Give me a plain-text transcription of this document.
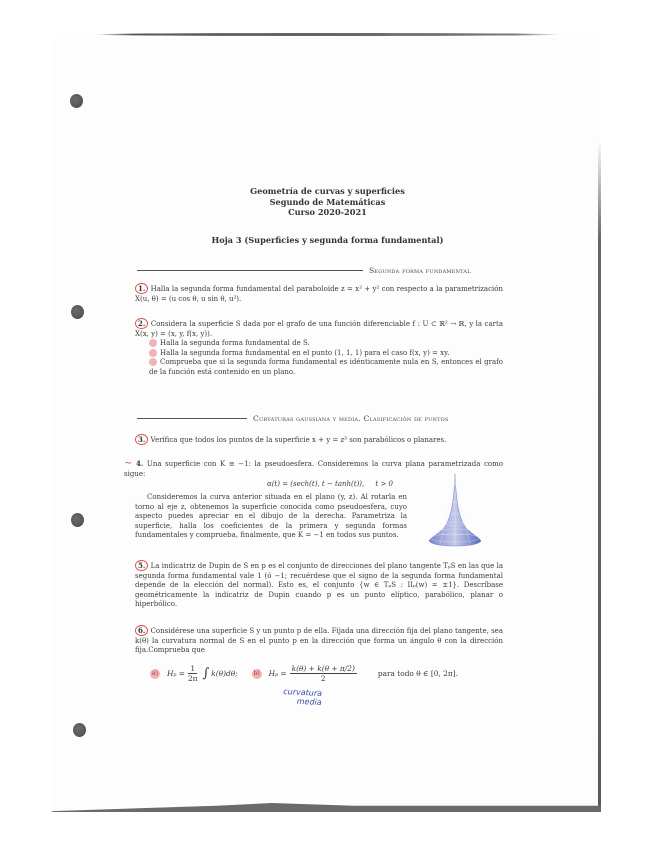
Geometría de curvas y superficies
Segundo de Matemáticas
Curso 2020-2021
Hoja 3 (Superficies y segunda forma fundamental)
Segunda forma fundamental
1. Halla la segunda forma fundamental del paraboloide z = x² + y² con respecto a la parametrización X(u, θ) = (u cos θ, u sin θ, u²).
2. Considera la superficie S dada por el grafo de una función diferenciable f : U ⊂ ℝ² → ℝ, y la carta X(x, y) = (x, y, f(x, y)).
Halla la segunda forma fundamental de S.
Halla la segunda forma fundamental en el punto (1, 1, 1) para el caso f(x, y) = xy.
Comprueba que si la segunda forma fundamental es idénticamente nula en S, entonces el grafo de la función está contenido en un plano.
Curvaturas gaussiana y media. Clasificación de puntos
3. Verifica que todos los puntos de la superficie x + y = z³ son parabólicos o planares.
∼ 4. Una superficie con K ≡ −1: la pseudoesfera. Consideremos la curva plana parametrizada como sigue:
α(t) = (sech(t), t − tanh(t)), t > 0
Consideremos la curva anterior situada en el plano (y, z). Al rotarla en torno al eje z, obtenemos la superficie conocida como pseudoesfera, cuyo aspecto puedes apreciar en el dibujo de la derecha. Parametriza la superficie, halla los coeficientes de la primera y segunda formas fundamentales y comprueba, finalmente, que K = −1 en todos sus puntos.
5. La indicatriz de Dupin de S en p es el conjunto de direcciones del plano tangente TₚS en las que la segunda forma fundamental vale 1 (ó −1; recuérdese que el signo de la segunda forma fundamental depende de la elección del normal). Esto es, el conjunto {w ∈ TₚS : IIₚ(w) = ±1}. Descríbase geométricamente la indicatriz de Dupin cuando p es un punto elíptico, parabólico, planar o hiperbólico.
6. Considérese una superficie S y un punto p de ella. Fijada una dirección fija del plano tangente, sea k(θ) la curvatura normal de S en el punto p en la dirección que forma un ángulo θ con la dirección fija.Comprueba que
a) $H_p = \frac{1}{2\pi}$ ∫ k(θ)dθ;	b) $H_p = \frac{k(\theta) + k(\theta + \pi/2)}{2}$	para todo θ ∈ [0, 2π].
curvatura
media
